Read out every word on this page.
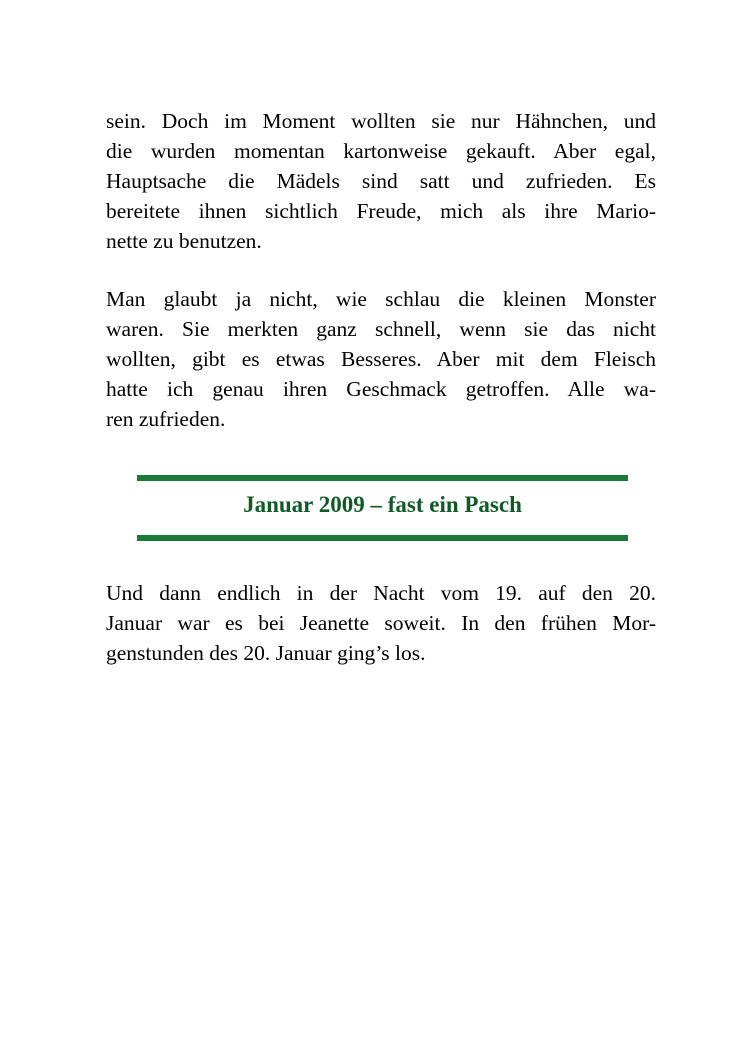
sein. Doch im Moment wollten sie nur Hähnchen, und
die wurden momentan kartonweise gekauft. Aber egal,
Hauptsache die Mädels sind satt und zufrieden. Es
bereitete ihnen sichtlich Freude, mich als ihre Mario-
nette zu benutzen.

Man glaubt ja nicht, wie schlau die kleinen Monster
waren. Sie merkten ganz schnell, wenn sie das nicht
wollten, gibt es etwas Besseres. Aber mit dem Fleisch
hatte ich genau ihren Geschmack getroffen. Alle wa-
ren zufrieden.

Januar 2009 – fast ein Pasch

Und dann endlich in der Nacht vom 19. auf den 20.
Januar war es bei Jeanette soweit. In den frühen Mor-
genstunden des 20. Januar ging’s los.
